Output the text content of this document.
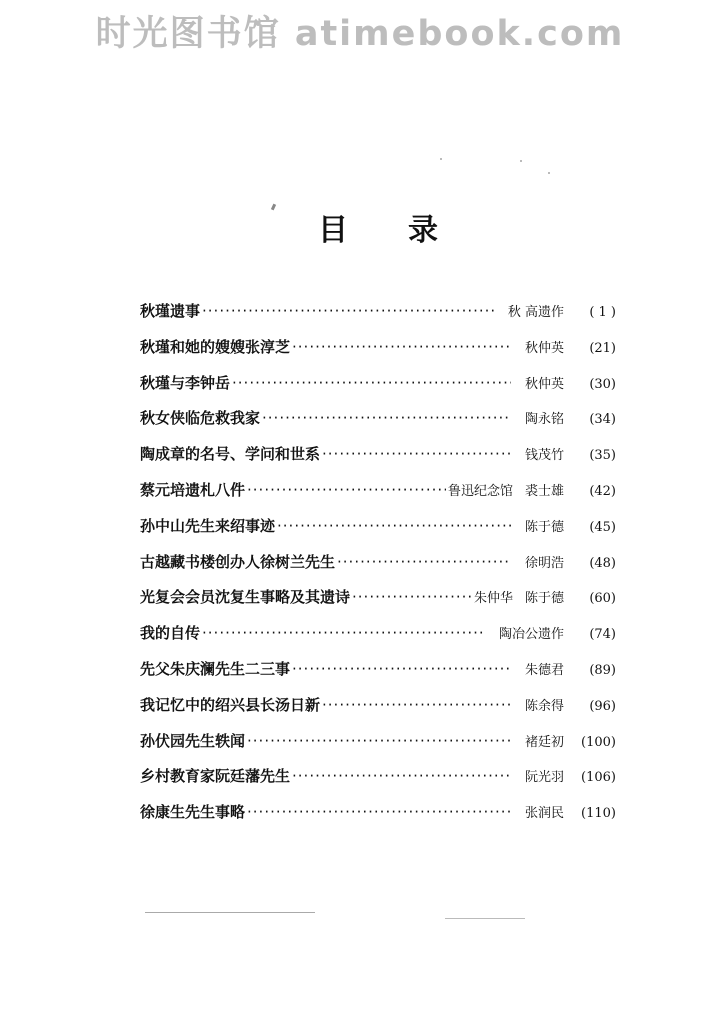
时光图书馆 atimebook.com
目录
秋瑾遗事 ·····	秋 高遗作	( 1 )
秋瑾和她的嫂嫂张淳芝 ·····	秋仲英	(21)
秋瑾与李钟岳 ·····	秋仲英	(30)
秋女侠临危救我家 ·····	陶永铭	(34)
陶成章的名号、学问和世系 ·····	钱茂竹	(35)
蔡元培遗札八件 ·····	鲁迅纪念馆 裘士雄	(42)
孙中山先生来绍事迹 ·····	陈于德	(45)
古越藏书楼创办人徐树兰先生 ·····	徐明浩	(48)
光复会会员沈复生事略及其遗诗 ·····	朱仲华 陈于德	(60)
我的自传 ·····	陶冶公遗作	(74)
先父朱庆澜先生二三事 ·····	朱德君	(89)
我记忆中的绍兴县长汤日新 ·····	陈余得	(96)
孙伏园先生轶闻 ·····	褚廷初	(100)
乡村教育家阮廷藩先生 ·····	阮光羽	(106)
徐康生先生事略 ·····	张润民	(110)
